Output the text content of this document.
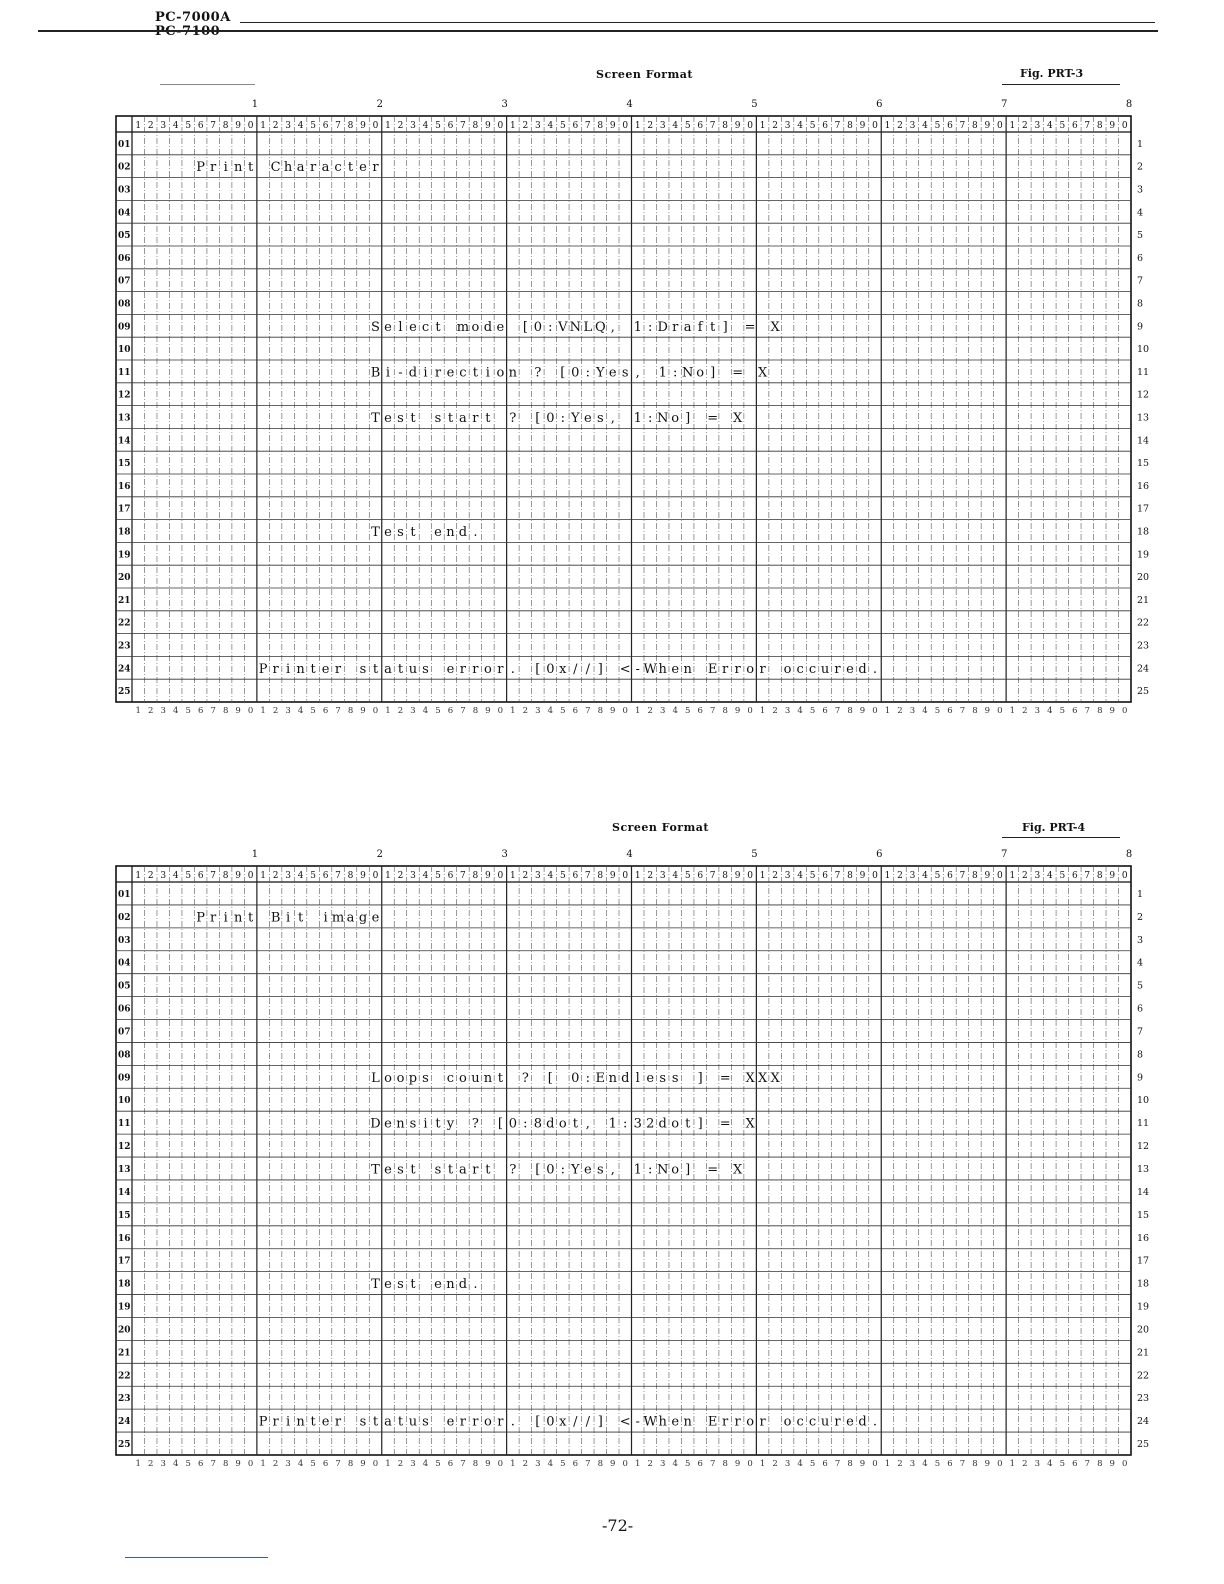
PC-7000A
Screen Format	Fig. PRT-3
1
1
2
2
3
3
4
4
5
5
6
6
7
7
8
8
9
9
0
0
1
1
2
2
3
3
4
4
5
5
6
6
7
7
8
8
9
9
0
0
1
1
2
2
3
3
4
4
5
5
6
6
7
7
8
8
9
9
0
0
1
1
2
2
3
3
4
4
5
5
6
6
7
7
8
8
9
9
0
0
1
1
2
2
3
3
4
4
5
5
6
6
7
7
8
8
9
9
0
0
1
1
2
2
3
3
4
4
5
5
6
6
7
7
8
8
9
9
0
0
1
1
2
2
3
3
4
4
5
5
6
6
7
7
8
8
9
9
0
0
1
1
2
2
3
3
4
4
5
5
6
6
7
7
8
8
9
9
0
0
1	2	3	4	5	6	7	8
01	1
02	2
03	3
04	4
05	5
06	6
07	7
08	8
09	9
10	10
11	11
12	12
13	13
14	14
15	15
16	16
17	17
18	18
19	19
20	20
21	21
22	22
23	23
24	24
25	25
P r i n t C h a r a c t e r
S e l e c t m o d e [ 0 : V N L Q , 1 : D r a f t ] = X
B i - d i r e c t i o n ? [ 0 : Y e s , 1 : N o ] = X
T e s t s t a r t ? [ 0 : Y e s , 1 : N o ] = X
T e s t e n d .
P r i n t e r s t a t u s e r r o r . [ 0 x / / ] < - W h e n E r r o r o c c u r e d .
Screen Format	Fig. PRT-4
1
1
2
2
3
3
4
4
5
5
6
6
7
7
8
8
9
9
0
0
1
1
2
2
3
3
4
4
5
5
6
6
7
7
8
8
9
9
0
0
1
1
2
2
3
3
4
4
5
5
6
6
7
7
8
8
9
9
0
0
1
1
2
2
3
3
4
4
5
5
6
6
7
7
8
8
9
9
0
0
1
1
2
2
3
3
4
4
5
5
6
6
7
7
8
8
9
9
0
0
1
1
2
2
3
3
4
4
5
5
6
6
7
7
8
8
9
9
0
0
1
1
2
2
3
3
4
4
5
5
6
6
7
7
8
8
9
9
0
0
1
1
2
2
3
3
4
4
5
5
6
6
7
7
8
8
9
9
0
0
1	2	3	4	5	6	7	8
01	1
02	2
03	3
04	4
05	5
06	6
07	7
08	8
09	9
10	10
11	11
12	12
13	13
14	14
15	15
16	16
17	17
18	18
19	19
20	20
21	21
22	22
23	23
24	24
25	25
P r i n t B i t i m a g e
L o o p s c o u n t ? [ 0 : E n d l e s s ] = X X X
D e n s i t y ? [ 0 : 8 d o t , 1 : 3 2 d o t ] = X
T e s t s t a r t ? [ 0 : Y e s , 1 : N o ] = X
T e s t e n d .
P r i n t e r s t a t u s e r r o r . [ 0 x / / ] < - W h e n E r r o r o c c u r e d .
-72-
